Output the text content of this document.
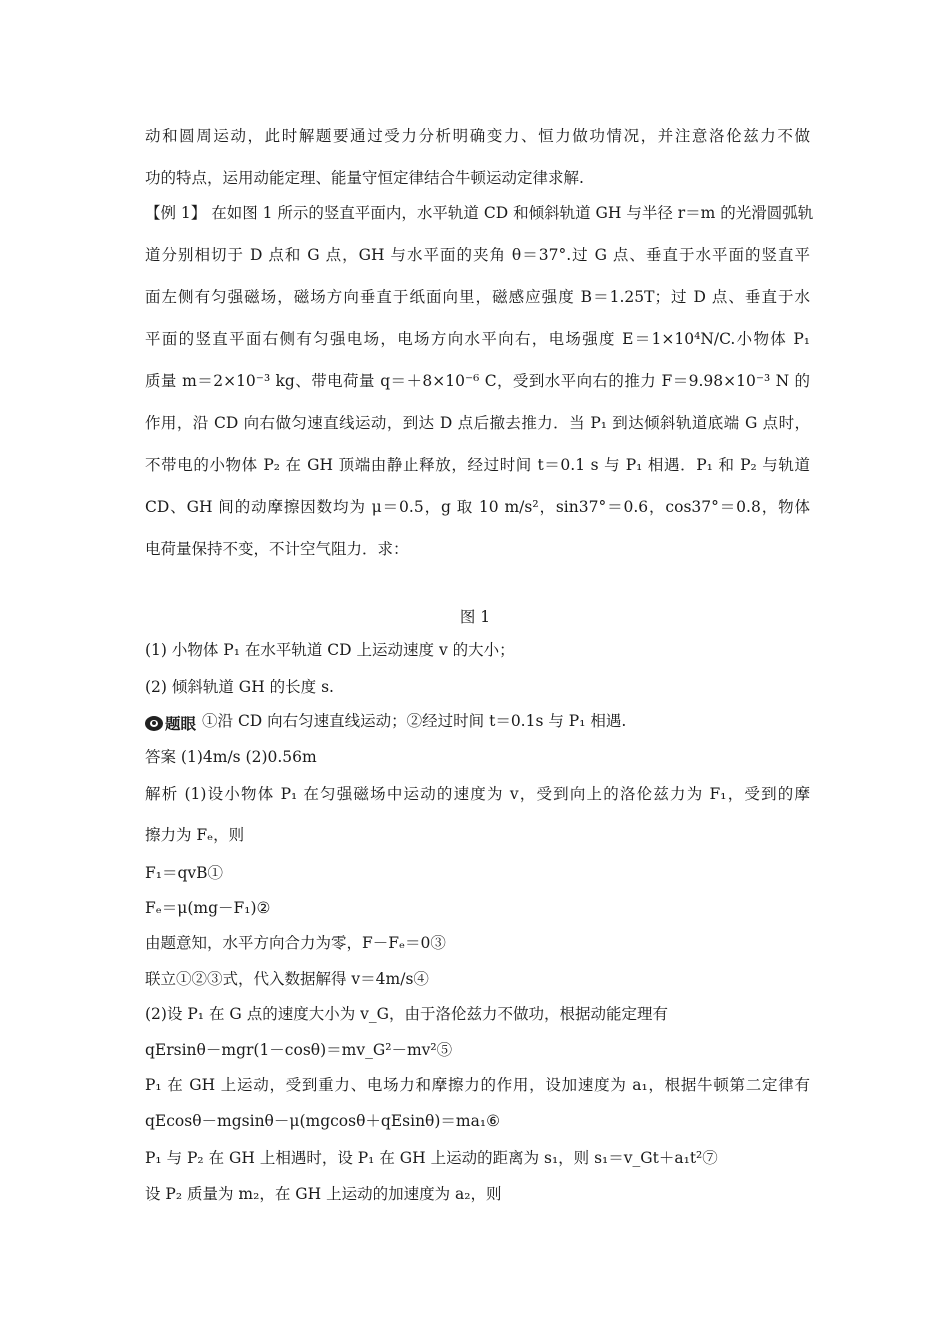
动和圆周运动，此时解题要通过受力分析明确变力、恒力做功情况，并注意洛伦兹力不做
功的特点，运用动能定理、能量守恒定律结合牛顿运动定律求解.
【例 1】 在如图 1 所示的竖直平面内，水平轨道 CD 和倾斜轨道 GH 与半径 r＝m 的光滑圆弧轨
道分别相切于 D 点和 G 点，GH 与水平面的夹角 θ＝37°.过 G 点、垂直于水平面的竖直平
面左侧有匀强磁场，磁场方向垂直于纸面向里，磁感应强度 B＝1.25T；过 D 点、垂直于水
平面的竖直平面右侧有匀强电场，电场方向水平向右，电场强度 E＝1×10⁴N/C.小物体 P₁
质量 m＝2×10⁻³ kg、带电荷量 q＝＋8×10⁻⁶ C，受到水平向右的推力 F＝9.98×10⁻³ N 的
作用，沿 CD 向右做匀速直线运动，到达 D 点后撤去推力．当 P₁ 到达倾斜轨道底端 G 点时，
不带电的小物体 P₂ 在 GH 顶端由静止释放，经过时间 t＝0.1 s 与 P₁ 相遇．P₁ 和 P₂ 与轨道
CD、GH 间的动摩擦因数均为 μ＝0.5，g 取 10 m/s²，sin37°＝0.6，cos37°＝0.8，物体
电荷量保持不变，不计空气阻力．求：
图 1
(1) 小物体 P₁ 在水平轨道 CD 上运动速度 v 的大小；
(2) 倾斜轨道 GH 的长度 s.
题眼 ①沿 CD 向右匀速直线运动；②经过时间 t＝0.1s 与 P₁ 相遇.
答案 (1)4m/s (2)0.56m
解析 (1)设小物体 P₁ 在匀强磁场中运动的速度为 v，受到向上的洛伦兹力为 F₁，受到的摩
擦力为 Fₑ，则
F₁＝qvB①
Fₑ＝μ(mg－F₁)②
由题意知，水平方向合力为零，F－Fₑ＝0③
联立①②③式，代入数据解得 v＝4m/s④
(2)设 P₁ 在 G 点的速度大小为 v_G，由于洛伦兹力不做功，根据动能定理有
qErsinθ－mgr(1－cosθ)＝mv_G²－mv²⑤
P₁ 在 GH 上运动，受到重力、电场力和摩擦力的作用，设加速度为 a₁，根据牛顿第二定律有
qEcosθ－mgsinθ－μ(mgcosθ＋qEsinθ)＝ma₁⑥
P₁ 与 P₂ 在 GH 上相遇时，设 P₁ 在 GH 上运动的距离为 s₁，则 s₁＝v_Gt＋a₁t²⑦
设 P₂ 质量为 m₂，在 GH 上运动的加速度为 a₂，则
